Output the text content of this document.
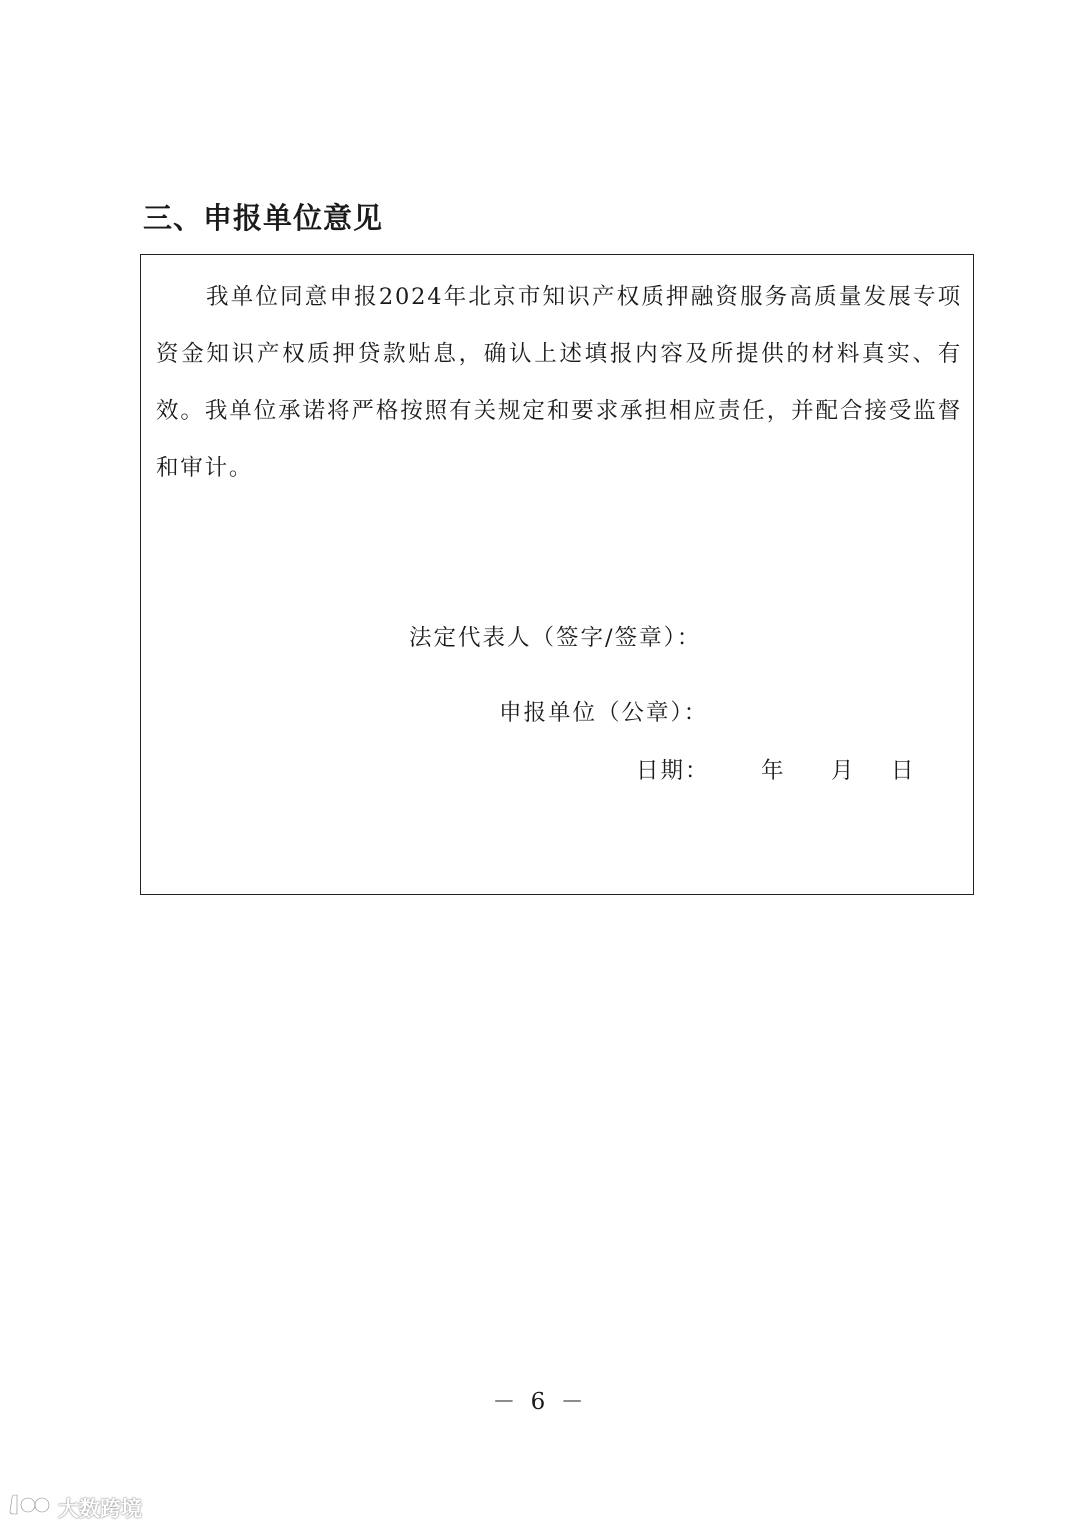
三、申报单位意见

我单位同意申报2024年北京市知识产权质押融资服务高质量发展专项资金知识产权质押贷款贴息，确认上述填报内容及所提供的材料真实、有效。我单位承诺将严格按照有关规定和要求承担相应责任，并配合接受监督和审计。

法定代表人（签字/签章）：
申报单位（公章）：
日期： 年 月 日
－ 6 －
大数跨境
